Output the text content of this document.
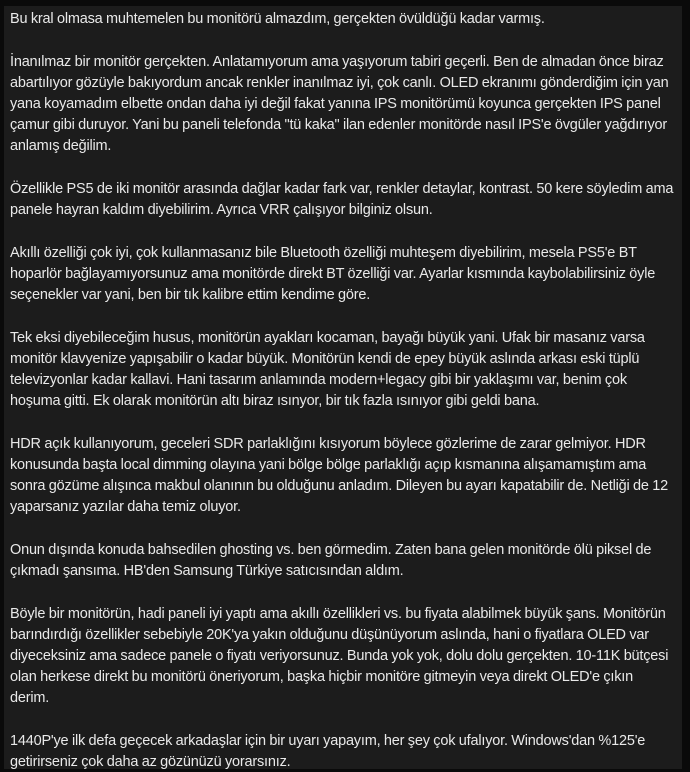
Bu kral olmasa muhtemelen bu monitörü almazdım, gerçekten övüldüğü kadar varmış.

İnanılmaz bir monitör gerçekten. Anlatamıyorum ama yaşıyorum tabiri geçerli. Ben de almadan önce biraz abartılıyor gözüyle bakıyordum ancak renkler inanılmaz iyi, çok canlı. OLED ekranımı gönderdiğim için yan yana koyamadım elbette ondan daha iyi değil fakat yanına IPS monitörümü koyunca gerçekten IPS panel çamur gibi duruyor. Yani bu paneli telefonda "tü kaka" ilan edenler monitörde nasıl IPS'e övgüler yağdırıyor anlamış değilim.

Özellikle PS5 de iki monitör arasında dağlar kadar fark var, renkler detaylar, kontrast. 50 kere söyledim ama panele hayran kaldım diyebilirim. Ayrıca VRR çalışıyor bilginiz olsun.

Akıllı özelliği çok iyi, çok kullanmasanız bile Bluetooth özelliği muhteşem diyebilirim, mesela PS5'e BT hoparlör bağlayamıyorsunuz ama monitörde direkt BT özelliği var. Ayarlar kısmında kaybolabilirsiniz öyle seçenekler var yani, ben bir tık kalibre ettim kendime göre.

Tek eksi diyebileceğim husus, monitörün ayakları kocaman, bayağı büyük yani. Ufak bir masanız varsa monitör klavyenize yapışabilir o kadar büyük. Monitörün kendi de epey büyük aslında arkası eski tüplü televizyonlar kadar kallavi. Hani tasarım anlamında modern+legacy gibi bir yaklaşımı var, benim çok hoşuma gitti. Ek olarak monitörün altı biraz ısınyor, bir tık fazla ısınıyor gibi geldi bana.

HDR açık kullanıyorum, geceleri SDR parlaklığını kısıyorum böylece gözlerime de zarar gelmiyor. HDR konusunda başta local dimming olayına yani bölge bölge parlaklığı açıp kısmanına alışamamıştım ama sonra gözüme alışınca makbul olanının bu olduğunu anladım. Dileyen bu ayarı kapatabilir de. Netliği de 12 yaparsanız yazılar daha temiz oluyor.

Onun dışında konuda bahsedilen ghosting vs. ben görmedim. Zaten bana gelen monitörde ölü piksel de çıkmadı şansıma. HB'den Samsung Türkiye satıcısından aldım.

Böyle bir monitörün, hadi paneli iyi yaptı ama akıllı özellikleri vs. bu fiyata alabilmek büyük şans. Monitörün barındırdığı özellikler sebebiyle 20K'ya yakın olduğunu düşünüyorum aslında, hani o fiyatlara OLED var diyeceksiniz ama sadece panele o fiyatı veriyorsunuz. Bunda yok yok, dolu dolu gerçekten. 10-11K bütçesi olan herkese direkt bu monitörü öneriyorum, başka hiçbir monitöre gitmeyin veya direkt OLED'e çıkın derim.

1440P'ye ilk defa geçecek arkadaşlar için bir uyarı yapayım, her şey çok ufalıyor. Windows'dan %125'e getirirseniz çok daha az gözünüzü yorarsınız.
